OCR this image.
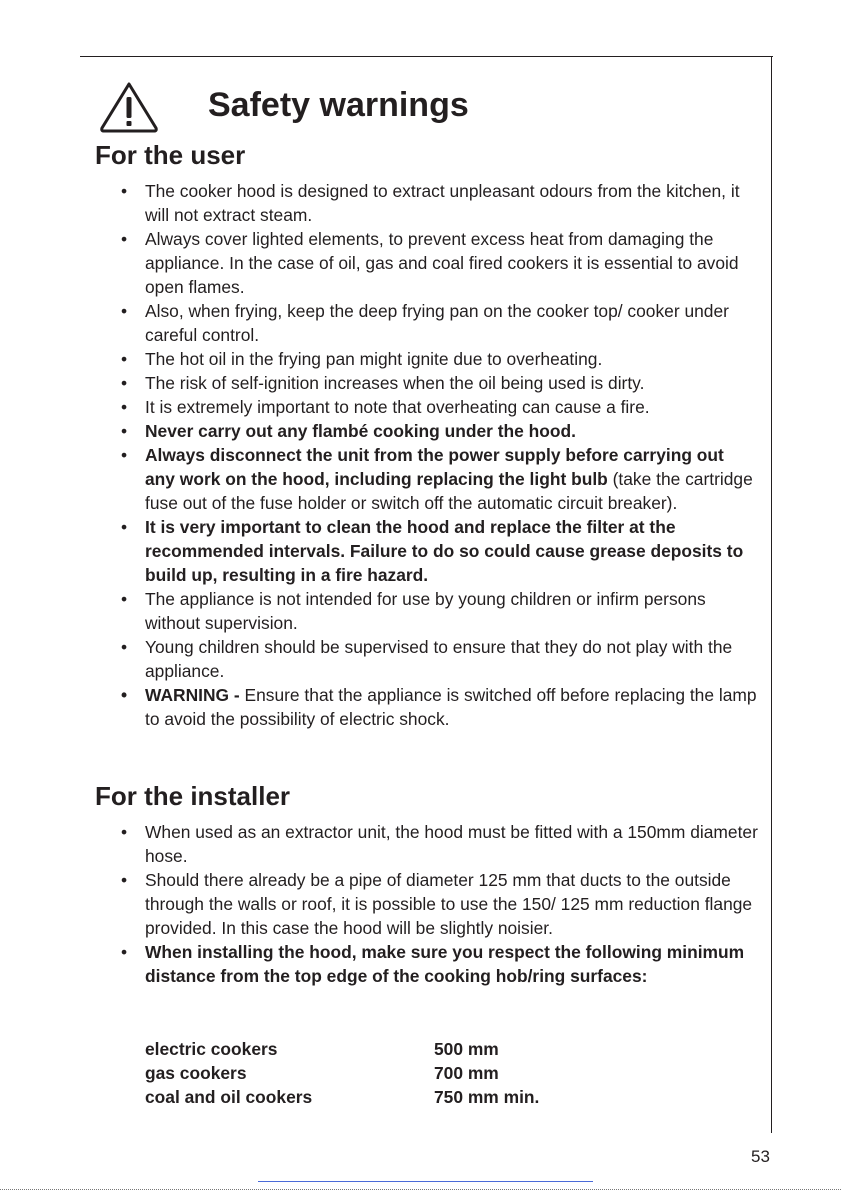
Safety warnings
For the user
• The cooker hood is designed to extract unpleasant odours from the kitchen, it will not extract steam.
• Always cover lighted elements, to prevent excess heat from damaging the appliance. In the case of oil, gas and coal fired cookers it is essential to avoid open flames.
• Also, when frying, keep the deep frying pan on the cooker top/ cooker under careful control.
• The hot oil in the frying pan might ignite due to overheating.
• The risk of self-ignition increases when the oil being used is dirty.
• It is extremely important to note that overheating can cause a fire.
• Never carry out any flambé cooking under the hood.
• Always disconnect the unit from the power supply before carrying out any work on the hood, including replacing the light bulb (take the cartridge fuse out of the fuse holder or switch off the automatic circuit breaker).
• It is very important to clean the hood and replace the filter at the recommended intervals. Failure to do so could cause grease deposits to build up, resulting in a fire hazard.
• The appliance is not intended for use by young children or infirm persons without supervision.
• Young children should be supervised to ensure that they do not play with the appliance.
• WARNING - Ensure that the appliance is switched off before replacing the lamp to avoid the possibility of electric shock.
For the installer
• When used as an extractor unit, the hood must be fitted with a 150mm diameter hose.
• Should there already be a pipe of diameter 125 mm that ducts to the outside through the walls or roof, it is possible to use the 150/ 125 mm reduction flange provided. In this case the hood will be slightly noisier.
• When installing the hood, make sure you respect the following minimum distance from the top edge of the cooking hob/ring surfaces:
electric cookers	500 mm
gas cookers	700 mm
coal and oil cookers	750 mm min.
53
